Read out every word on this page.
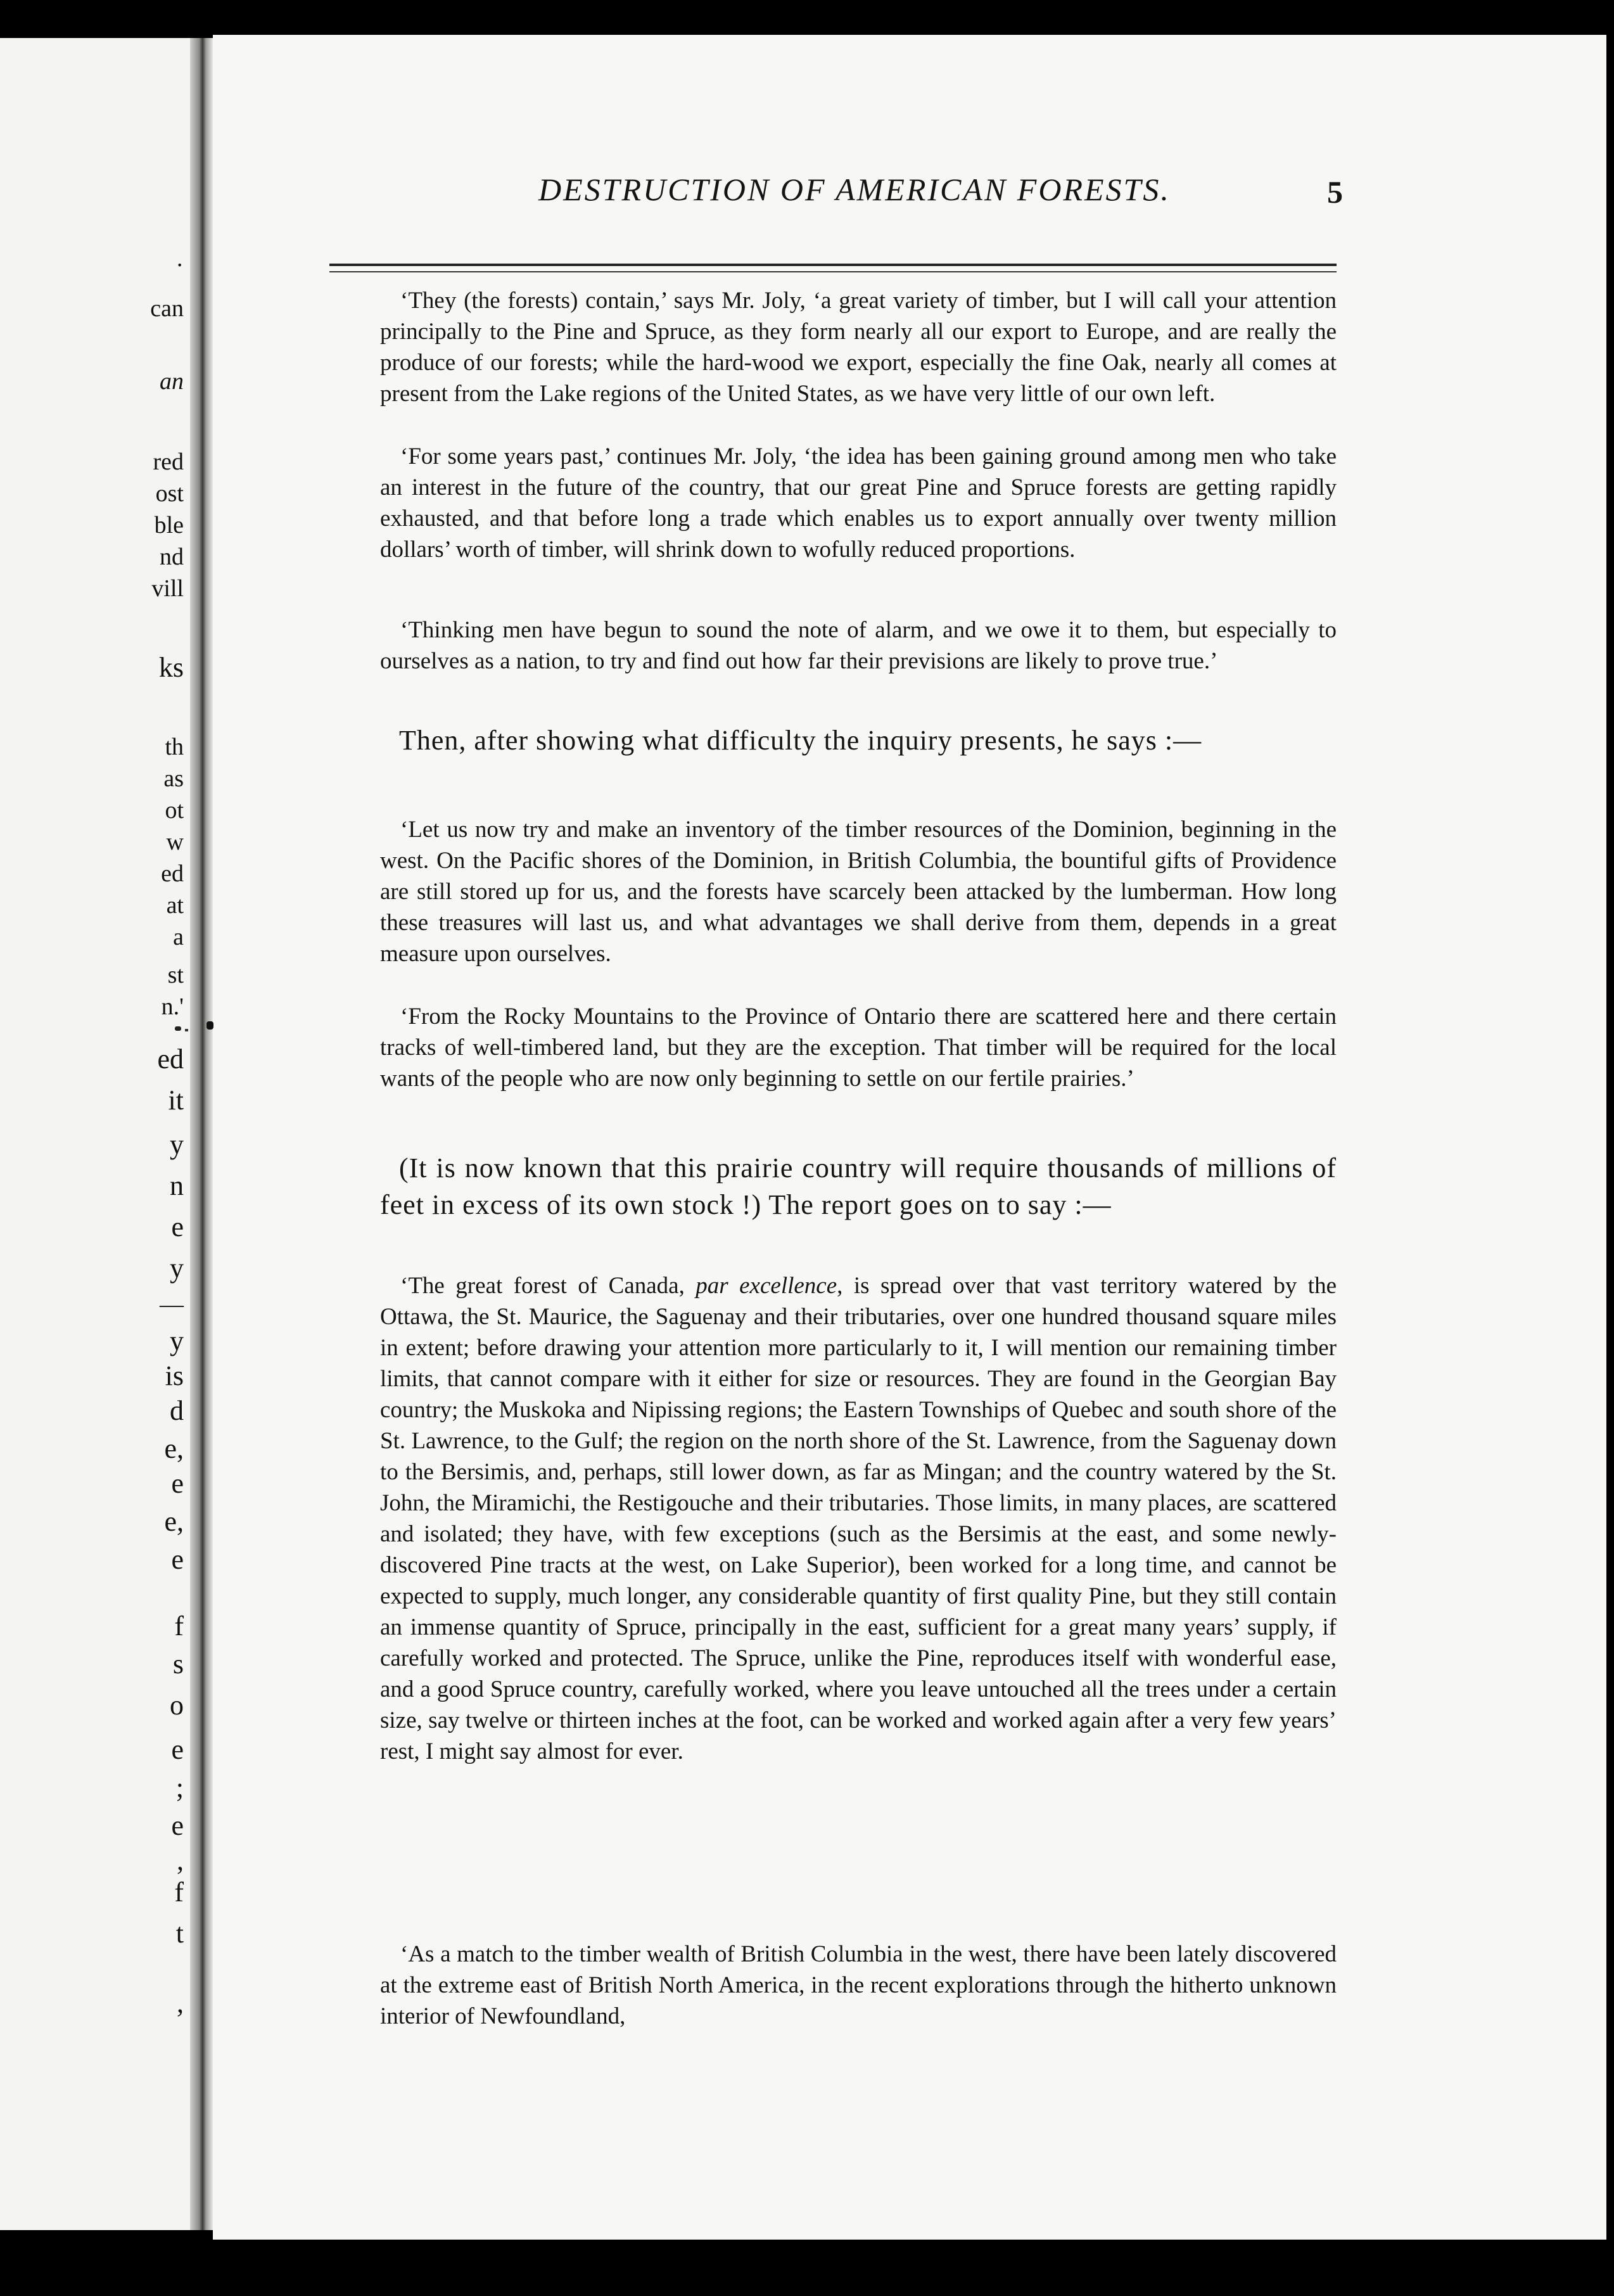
DESTRUCTION OF AMERICAN FORESTS.	5

‘They (the forests) contain,’ says Mr. Joly, ‘a great variety of timber, but I will call your attention principally to the Pine and Spruce, as they form nearly all our export to Europe, and are really the produce of our forests; while the hard-wood we export, especially the fine Oak, nearly all comes at present from the Lake regions of the United States, as we have very little of our own left.

‘For some years past,’ continues Mr. Joly, ‘the idea has been gaining ground among men who take an interest in the future of the country, that our great Pine and Spruce forests are getting rapidly exhausted, and that before long a trade which enables us to export annually over twenty million dollars’ worth of timber, will shrink down to wofully reduced proportions.

‘Thinking men have begun to sound the note of alarm, and we owe it to them, but especially to ourselves as a nation, to try and find out how far their previsions are likely to prove true.’

Then, after showing what difficulty the inquiry presents, he says :—

‘Let us now try and make an inventory of the timber resources of the Dominion, beginning in the west. On the Pacific shores of the Dominion, in British Columbia, the bountiful gifts of Providence are still stored up for us, and the forests have scarcely been attacked by the lumberman. How long these treasures will last us, and what advantages we shall derive from them, depends in a great measure upon ourselves.

‘From the Rocky Mountains to the Province of Ontario there are scattered here and there certain tracks of well-timbered land, but they are the exception. That timber will be required for the local wants of the people who are now only beginning to settle on our fertile prairies.’

(It is now known that this prairie country will require thousands of millions of feet in excess of its own stock !) The report goes on to say :—

‘The great forest of Canada, par excellence, is spread over that vast territory watered by the Ottawa, the St. Maurice, the Saguenay and their tributaries, over one hundred thousand square miles in extent; before drawing your attention more particularly to it, I will mention our remaining timber limits, that cannot compare with it either for size or resources. They are found in the Georgian Bay country; the Muskoka and Nipissing regions; the Eastern Townships of Quebec and south shore of the St. Lawrence, to the Gulf; the region on the north shore of the St. Lawrence, from the Saguenay down to the Bersimis, and, perhaps, still lower down, as far as Mingan; and the country watered by the St. John, the Miramichi, the Restigouche and their tributaries. Those limits, in many places, are scattered and isolated; they have, with few exceptions (such as the Bersimis at the east, and some newly-discovered Pine tracts at the west, on Lake Superior), been worked for a long time, and cannot be expected to supply, much longer, any considerable quantity of first quality Pine, but they still contain an immense quantity of Spruce, principally in the east, sufficient for a great many years’ supply, if carefully worked and protected. The Spruce, unlike the Pine, reproduces itself with wonderful ease, and a good Spruce country, carefully worked, where you leave untouched all the trees under a certain size, say twelve or thirteen inches at the foot, can be worked and worked again after a very few years’ rest, I might say almost for ever.

‘As a match to the timber wealth of British Columbia in the west, there have been lately discovered at the extreme east of British North America, in the recent explorations through the hitherto unknown interior of Newfoundland,

·
can
an
red
ost
ble
nd
vill
ks
th
as
ot
w
ed
at
a
st
n.'
ed
it
y
n
e
y
—
y
is
d
e,
e
e,
e
f
s
o
e
;
e
,
f
t
,
